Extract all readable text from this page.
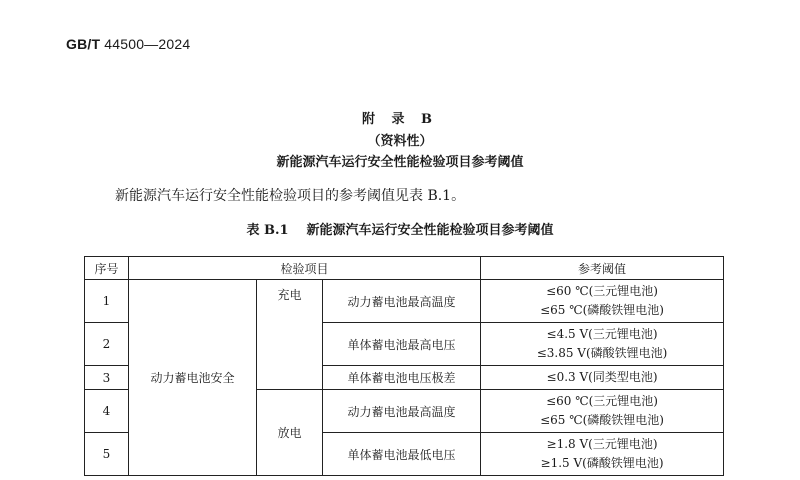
GB/T 44500—2024
附 录 B
（资料性）
新能源汽车运行安全性能检验项目参考阈值
新能源汽车运行安全性能检验项目的参考阈值见表 B.1。
表 B.1 新能源汽车运行安全性能检验项目参考阈值
序号	检验项目			参考阈值
1	动力蓄电池安全	充电	动力蓄电池最高温度	≤60 ℃(三元锂电池)
≤65 ℃(磷酸铁锂电池)

2			单体蓄电池最高电压	≤4.5 V(三元锂电池)
≤3.85 V(磷酸铁锂电池)

3			单体蓄电池电压极差	≤0.3 V(同类型电池)

4		放电	动力蓄电池最高温度	≤60 ℃(三元锂电池)
≤65 ℃(磷酸铁锂电池)

5			单体蓄电池最低电压	≥1.8 V(三元锂电池)
≥1.5 V(磷酸铁锂电池)
